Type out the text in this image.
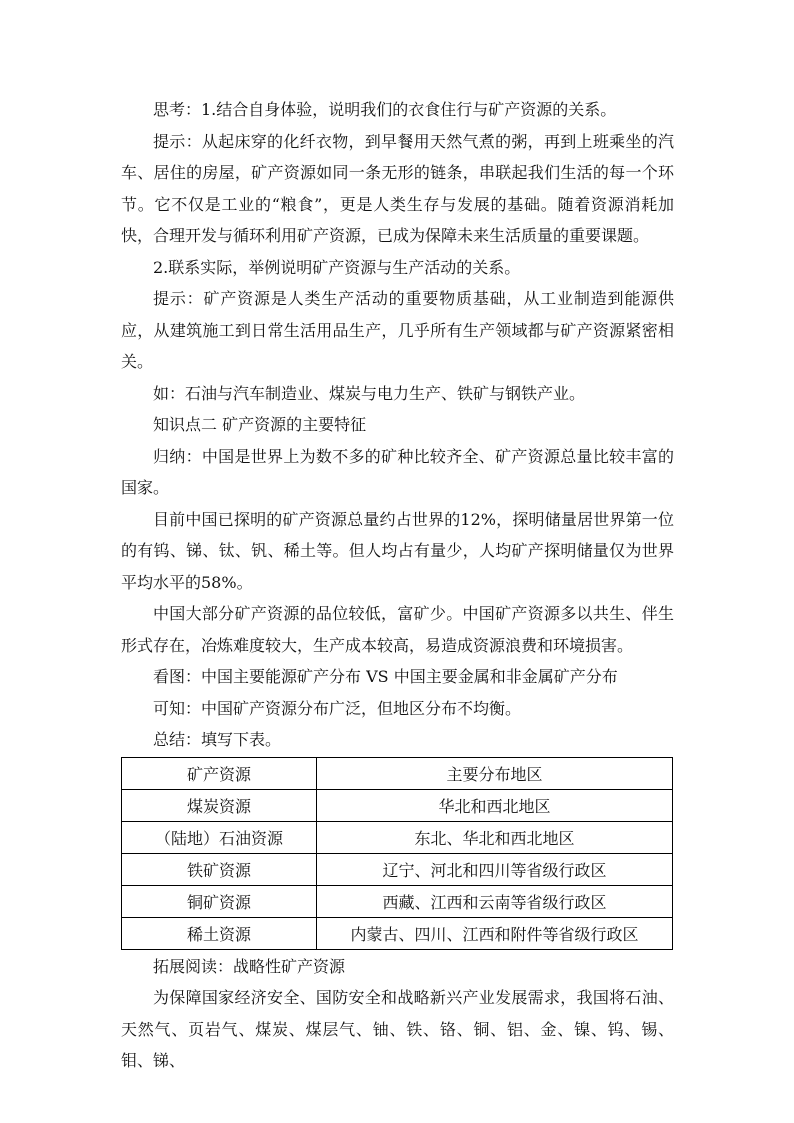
思考：1.结合自身体验，说明我们的衣食住行与矿产资源的关系。

提示：从起床穿的化纤衣物，到早餐用天然气煮的粥，再到上班乘坐的汽车、居住的房屋，矿产资源如同一条无形的链条，串联起我们生活的每一个环节。它不仅是工业的“粮食”，更是人类生存与发展的基础。随着资源消耗加快，合理开发与循环利用矿产资源，已成为保障未来生活质量的重要课题。

2.联系实际，举例说明矿产资源与生产活动的关系。

提示：矿产资源是人类生产活动的重要物质基础，从工业制造到能源供应，从建筑施工到日常生活用品生产，几乎所有生产领域都与矿产资源紧密相关。

如：石油与汽车制造业、煤炭与电力生产、铁矿与钢铁产业。

知识点二 矿产资源的主要特征

归纳：中国是世界上为数不多的矿种比较齐全、矿产资源总量比较丰富的国家。

目前中国已探明的矿产资源总量约占世界的12%，探明储量居世界第一位的有钨、锑、钛、钒、稀土等。但人均占有量少，人均矿产探明储量仅为世界平均水平的58%。

中国大部分矿产资源的品位较低，富矿少。中国矿产资源多以共生、伴生形式存在，冶炼难度较大，生产成本较高，易造成资源浪费和环境损害。

看图：中国主要能源矿产分布 VS 中国主要金属和非金属矿产分布

可知：中国矿产资源分布广泛，但地区分布不均衡。

总结：填写下表。

矿产资源	主要分布地区
煤炭资源	华北和西北地区
（陆地）石油资源	东北、华北和西北地区
铁矿资源	辽宁、河北和四川等省级行政区
铜矿资源	西藏、江西和云南等省级行政区
稀土资源	内蒙古、四川、江西和附件等省级行政区

拓展阅读：战略性矿产资源

为保障国家经济安全、国防安全和战略新兴产业发展需求，我国将石油、天然气、页岩气、煤炭、煤层气、铀、铁、铬、铜、铝、金、镍、钨、锡、钼、锑、
